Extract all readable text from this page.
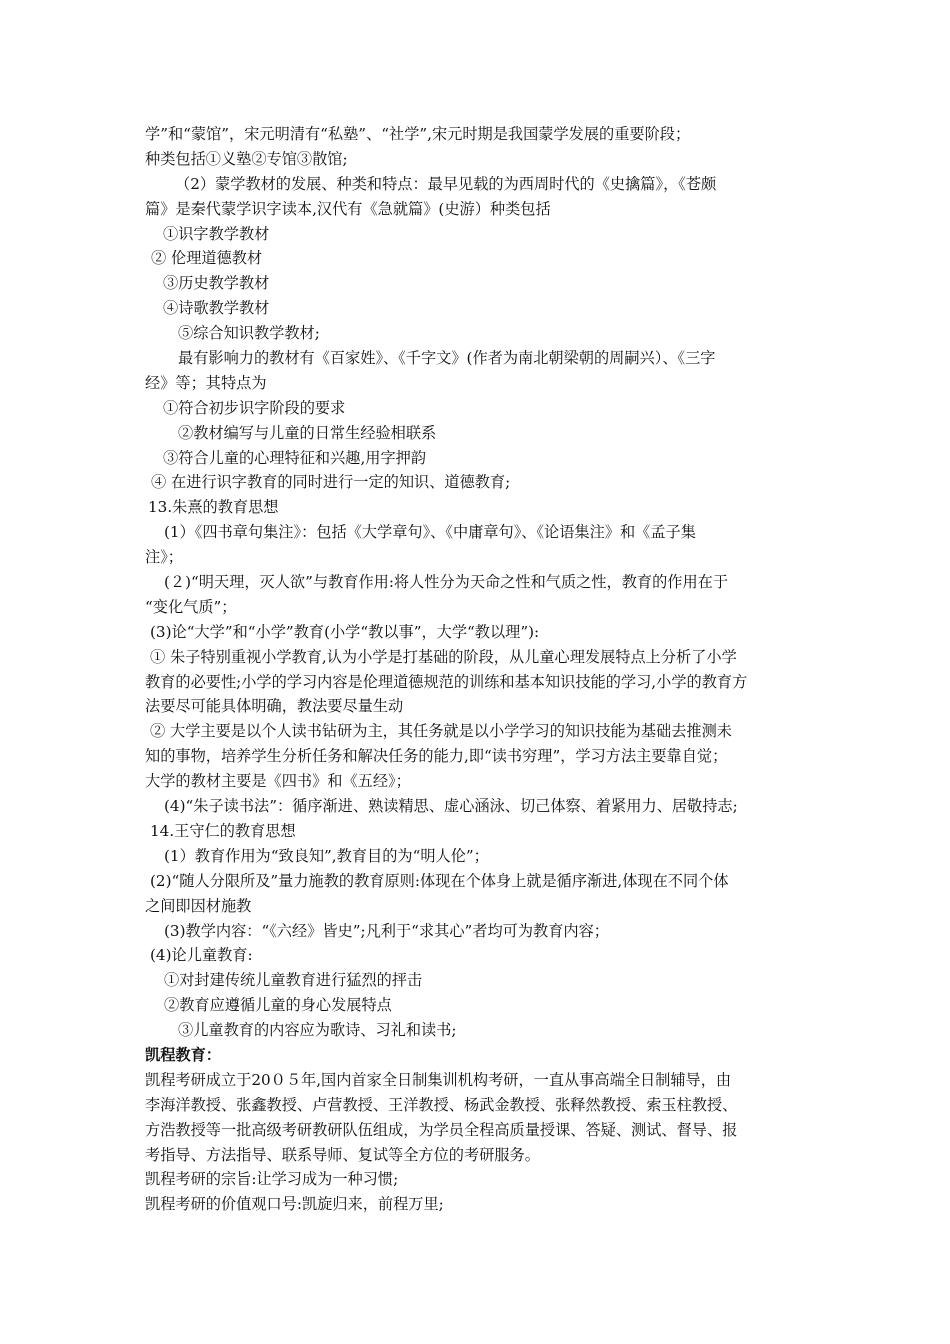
学”和“蒙馆”，宋元明清有“私塾”、“社学”,宋元时期是我国蒙学发展的重要阶段；
种类包括①义塾②专馆③散馆;
（2）蒙学教材的发展、种类和特点：最早见载的为西周时代的《史擒篇》，《苍颇
篇》是秦代蒙学识字读本,汉代有《急就篇》(史游）种类包括
①识字教学教材
② 伦理道德教材
③历史教学教材
④诗歌教学教材
⑤综合知识教学教材;
最有影响力的教材有《百家姓》、《千字文》(作者为南北朝梁朝的周嗣兴）、《三字
经》等；其特点为
①符合初步识字阶段的要求
②教材编写与儿童的日常生经验相联系
③符合儿童的心理特征和兴趣,用字押韵
④ 在进行识字教育的同时进行一定的知识、道德教育;
13.朱熹的教育思想
(1）《四书章句集注》：包括《大学章句》、《中庸章句》、《论语集注》和《孟子集
注》；
(２)“明天理，灭人欲”与教育作用:将人性分为天命之性和气质之性，教育的作用在于
“变化气质”；
(3)论“大学”和“小学”教育(小学“教以事”，大学“教以理”):
① 朱子特别重视小学教育,认为小学是打基础的阶段，从儿童心理发展特点上分析了小学
教育的必要性;小学的学习内容是伦理道德规范的训练和基本知识技能的学习,小学的教育方
法要尽可能具体明确，教法要尽量生动
② 大学主要是以个人读书钻研为主，其任务就是以小学学习的知识技能为基础去推测未
知的事物，培养学生分析任务和解决任务的能力,即“读书穷理”，学习方法主要靠自觉；
大学的教材主要是《四书》和《五经》；
(4)“朱子读书法”：循序渐进、熟读精思、虚心涵泳、切己体察、着紧用力、居敬持志;
14.王守仁的教育思想
(1）教育作用为“致良知”,教育目的为“明人伦”；
(2)“随人分限所及”量力施教的教育原则:体现在个体身上就是循序渐进,体现在不同个体
之间即因材施教
(3)教学内容：“《六经》皆史”;凡利于“求其心”者均可为教育内容；
(4)论儿童教育:
①对封建传统儿童教育进行猛烈的抨击
②教育应遵循儿童的身心发展特点
③儿童教育的内容应为歌诗、习礼和读书;
凯程教育：
凯程考研成立于20０５年,国内首家全日制集训机构考研，一直从事高端全日制辅导，由
李海洋教授、张鑫教授、卢营教授、王洋教授、杨武金教授、张释然教授、索玉柱教授、
方浩教授等一批高级考研教研队伍组成，为学员全程高质量授课、答疑、测试、督导、报
考指导、方法指导、联系导师、复试等全方位的考研服务。
凯程考研的宗旨:让学习成为一种习惯;
凯程考研的价值观口号:凯旋归来，前程万里;
